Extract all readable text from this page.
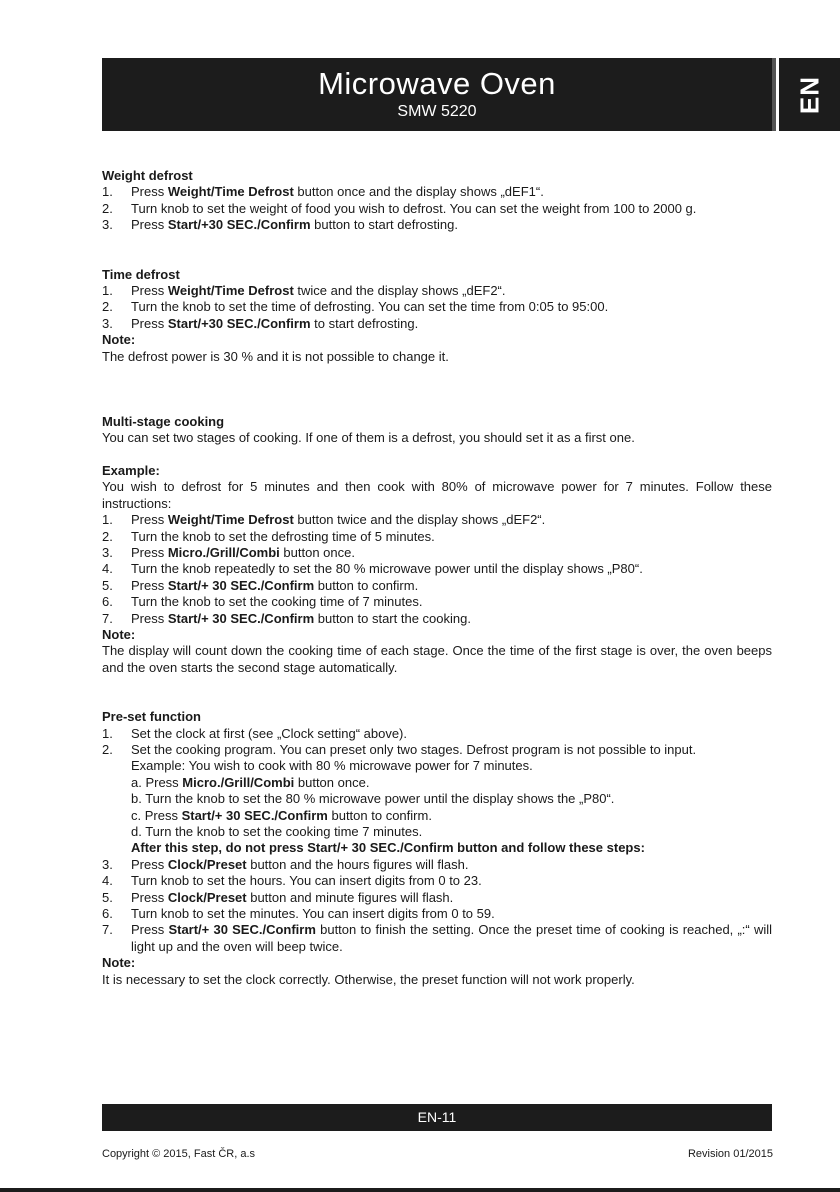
Microwave Oven
SMW 5220	EN
Weight defrost
1.	Press Weight/Time Defrost button once and the display shows „dEF1“.
2.	Turn knob to set the weight of food you wish to defrost. You can set the weight from 100 to 2000 g.
3.	Press Start/+30 SEC./Confirm button to start defrosting.
Time defrost
1.	Press Weight/Time Defrost twice and the display shows „dEF2“.
2.	Turn the knob to set the time of defrosting. You can set the time from 0:05 to 95:00.
3.	Press Start/+30 SEC./Confirm to start defrosting.
Note:
The defrost power is 30 % and it is not possible to change it.
Multi-stage cooking
You can set two stages of cooking. If one of them is a defrost, you should set it as a first one.
Example:
You wish to defrost for 5 minutes and then cook with 80% of microwave power for 7 minutes. Follow these instructions:
1.	Press Weight/Time Defrost button twice and the display shows „dEF2“.
2.	Turn the knob to set the defrosting time of 5 minutes.
3.	Press Micro./Grill/Combi button once.
4.	Turn the knob repeatedly to set the 80 % microwave power until the display shows „P80“.
5.	Press Start/+ 30 SEC./Confirm button to confirm.
6.	Turn the knob to set the cooking time of 7 minutes.
7.	Press Start/+ 30 SEC./Confirm button to start the cooking.
Note:
The display will count down the cooking time of each stage. Once the time of the first stage is over, the oven beeps and the oven starts the second stage automatically.
Pre-set function
1.	Set the clock at first (see „Clock setting“ above).
2.	Set the cooking program. You can preset only two stages. Defrost program is not possible to input.
Example: You wish to cook with 80 % microwave power for 7 minutes.
a. Press Micro./Grill/Combi button once.
b. Turn the knob to set the 80 % microwave power until the display shows the „P80“.
c. Press Start/+ 30 SEC./Confirm button to confirm.
d. Turn the knob to set the cooking time 7 minutes.
After this step, do not press Start/+ 30 SEC./Confirm button and follow these steps:
3.	Press Clock/Preset button and the hours figures will flash.
4.	Turn knob to set the hours. You can insert digits from 0 to 23.
5.	Press Clock/Preset button and minute figures will flash.
6.	Turn knob to set the minutes. You can insert digits from 0 to 59.
7.	Press Start/+ 30 SEC./Confirm button to finish the setting. Once the preset time of cooking is reached, „:“ will light up and the oven will beep twice.
Note:
It is necessary to set the clock correctly. Otherwise, the preset function will not work properly.
EN-11
Copyright © 2015, Fast ČR, a.s	Revision 01/2015
